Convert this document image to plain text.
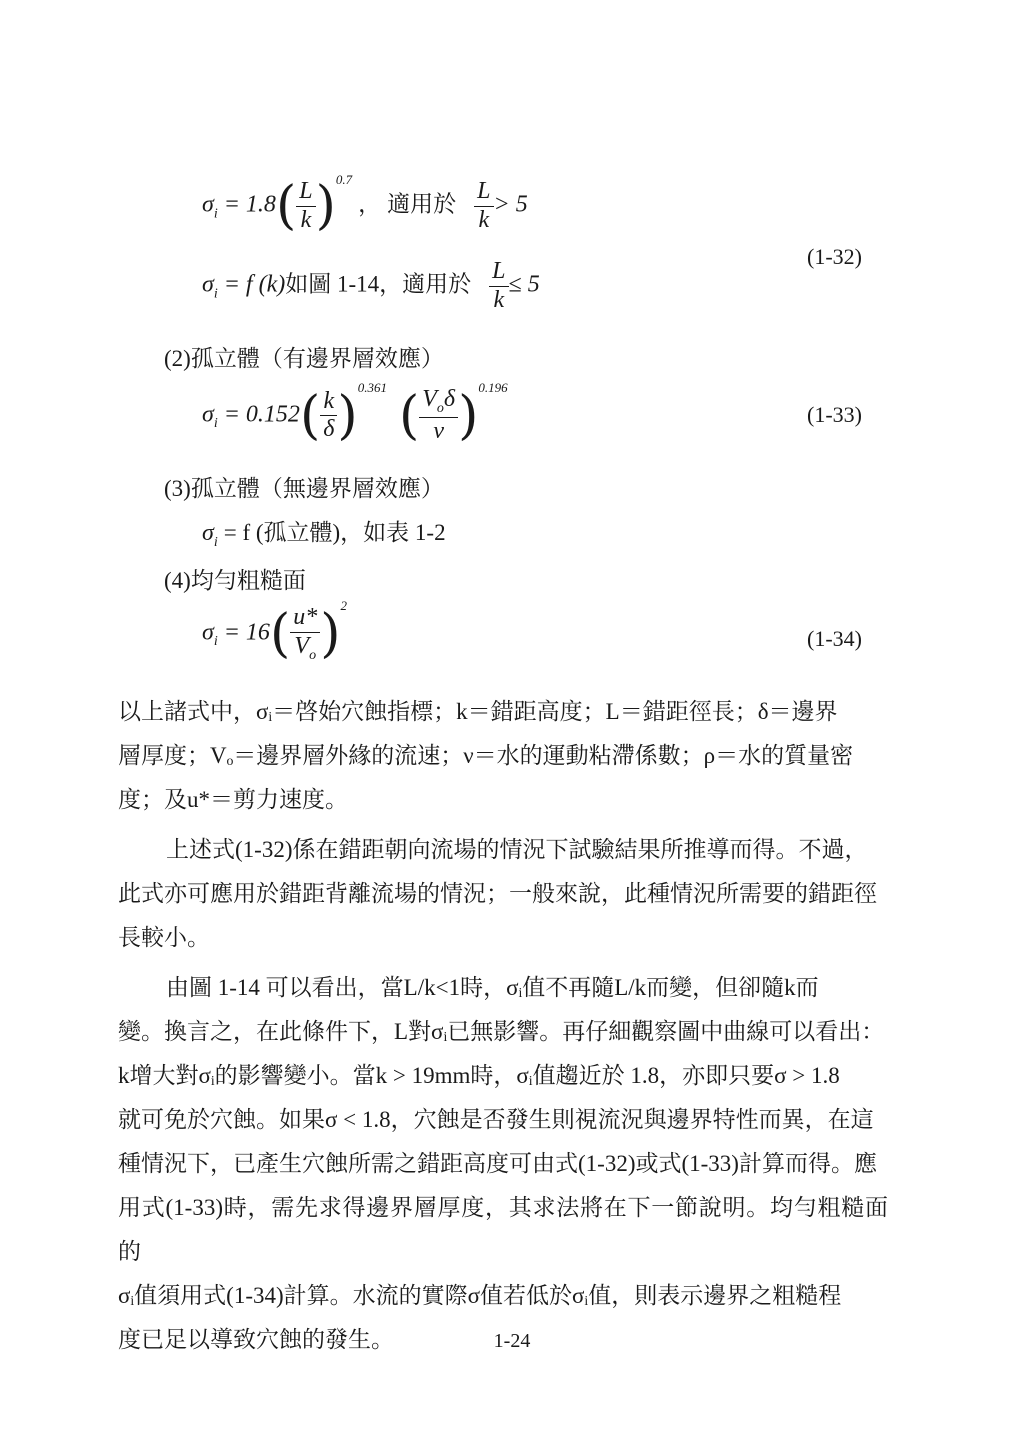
$\sigma_i = 1.8( \frac{L}{k} )^{0.7}$ ， 適用於 $\frac{L}{k} > 5$
$\sigma_i = f$ (k)如圖 1-14，適用於 $\frac{L}{k} \le 5$
(1-32)
(2)孤立體（有邊界層效應）
$\sigma_i = 0.152( \frac{k}{\delta} )^{0.361}$ ( $\frac{V_o\delta}{\nu} )^{0.196}$
(1-33)
(3)孤立體（無邊界層效應）
$\sigma_i = f$ (孤立體)，如表 1-2
(4)均勻粗糙面
$\sigma_i = 16( \frac{u*}{V_o} )^2$
(1-34)
以上諸式中，σᵢ＝啓始穴蝕指標；k＝錯距高度；L＝錯距徑長；δ＝邊界
層厚度；Vₒ＝邊界層外緣的流速；ν＝水的運動粘滯係數；ρ＝水的質量密
度；及u*＝剪力速度。
上述式(1-32)係在錯距朝向流場的情況下試驗結果所推導而得。不過，
此式亦可應用於錯距背離流場的情況；一般來說，此種情況所需要的錯距徑
長較小。
由圖 1-14 可以看出，當L/k<1時，σᵢ值不再隨L/k而變，但卻隨k而
變。換言之，在此條件下，L對σᵢ已無影響。再仔細觀察圖中曲線可以看出：
k增大對σᵢ的影響變小。當k > 19mm時，σᵢ值趨近於 1.8，亦即只要σ > 1.8
就可免於穴蝕。如果σ < 1.8，穴蝕是否發生則視流況與邊界特性而異，在這
種情況下，已產生穴蝕所需之錯距高度可由式(1-32)或式(1-33)計算而得。應
用式(1-33)時，需先求得邊界層厚度，其求法將在下一節說明。均勻粗糙面的
σᵢ值須用式(1-34)計算。水流的實際σ值若低於σᵢ值，則表示邊界之粗糙程
度已足以導致穴蝕的發生。	1-24
